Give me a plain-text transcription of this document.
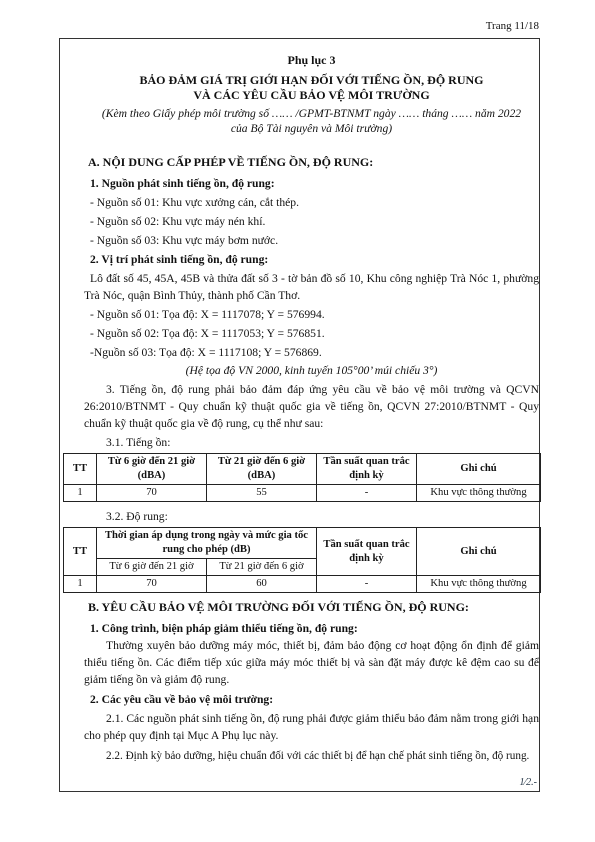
Trang 11/18
1⁄2.-

Phụ lục 3

BẢO ĐẢM GIÁ TRỊ GIỚI HẠN ĐỐI VỚI TIẾNG ỒN, ĐỘ RUNG

VÀ CÁC YÊU CẦU BẢO VỆ MÔI TRƯỜNG

(Kèm theo Giấy phép môi trường số …… /GPMT-BTNMT ngày …… tháng …… năm 2022

của Bộ Tài nguyên và Môi trường)

A. NỘI DUNG CẤP PHÉP VỀ TIẾNG ỒN, ĐỘ RUNG:

1. Nguồn phát sinh tiếng ồn, độ rung:

- Nguồn số 01: Khu vực xưởng cán, cắt thép.

- Nguồn số 02: Khu vực máy nén khí.

- Nguồn số 03: Khu vực máy bơm nước.

2. Vị trí phát sinh tiếng ồn, độ rung:

Lô đất số 45, 45A, 45B và thửa đất số 3 - tờ bản đồ số 10, Khu công nghiệp Trà Nóc 1, phường Trà Nóc, quận Bình Thủy, thành phố Cần Thơ.

- Nguồn số 01: Tọa độ: X = 1117078; Y = 576994.

- Nguồn số 02: Tọa độ: X = 1117053; Y = 576851.

-Nguồn số 03: Tọa độ: X = 1117108; Y = 576869.

(Hệ tọa độ VN 2000, kinh tuyến 105°00’ múi chiếu 3°)

3. Tiếng ồn, độ rung phải bảo đảm đáp ứng yêu cầu về bảo vệ môi trường và QCVN 26:2010/BTNMT - Quy chuẩn kỹ thuật quốc gia về tiếng ồn, QCVN 27:2010/BTNMT - Quy chuẩn kỹ thuật quốc gia về độ rung, cụ thể như sau:

3.1. Tiếng ồn:

TT	Từ 6 giờ đến 21 giờ (dBA)	Từ 21 giờ đến 6 giờ (dBA)	Tần suất quan trắc định kỳ	Ghi chú
1	70	55	-	Khu vực thông thường

3.2. Độ rung:

TT	Thời gian áp dụng trong ngày và mức gia tốc rung cho phép (dB)		Tần suất quan trắc định kỳ	Ghi chú
	Từ 6 giờ đến 21 giờ	Từ 21 giờ đến 6 giờ		
1	70	60	-	Khu vực thông thường

B. YÊU CẦU BẢO VỆ MÔI TRƯỜNG ĐỐI VỚI TIẾNG ỒN, ĐỘ RUNG:

1. Công trình, biện pháp giảm thiểu tiếng ồn, độ rung:

Thường xuyên bảo dưỡng máy móc, thiết bị, đảm bảo động cơ hoạt động ổn định để giảm thiểu tiếng ồn. Các điểm tiếp xúc giữa máy móc thiết bị và sàn đặt máy được kê đệm cao su để giảm tiếng ồn và giảm độ rung.

2. Các yêu cầu về bảo vệ môi trường:

2.1. Các nguồn phát sinh tiếng ồn, độ rung phải được giảm thiểu bảo đảm nằm trong giới hạn cho phép quy định tại Mục A Phụ lục này.

2.2. Định kỳ bảo dưỡng, hiệu chuẩn đối với các thiết bị để hạn chế phát sinh tiếng ồn, độ rung.
